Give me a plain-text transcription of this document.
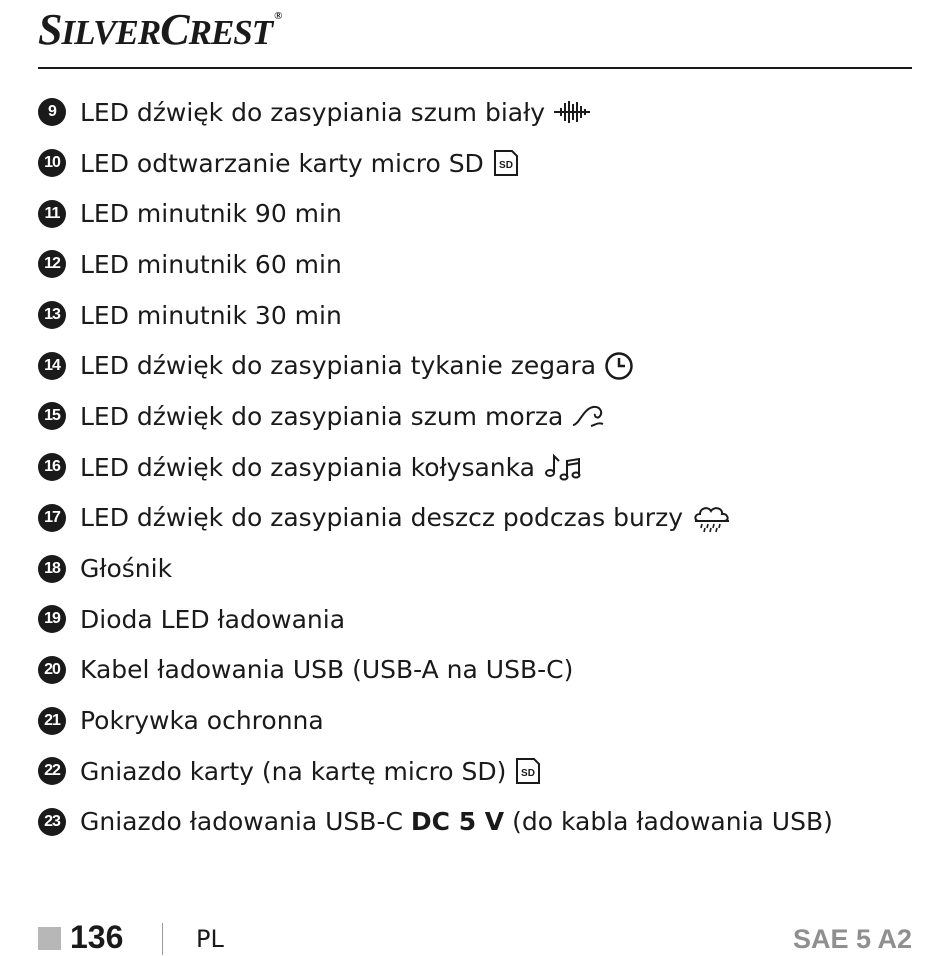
SILVERCREST ®
9 LED dźwięk do zasypiania szum biały
10 LED odtwarzanie karty micro SD SD
11 LED minutnik 90 min
12 LED minutnik 60 min
13 LED minutnik 30 min
14 LED dźwięk do zasypiania tykanie zegara
15 LED dźwięk do zasypiania szum morza
16 LED dźwięk do zasypiania kołysanka
17 LED dźwięk do zasypiania deszcz podczas burzy
18 Głośnik
19 Dioda LED ładowania
20 Kabel ładowania USB (USB-A na USB-C)
21 Pokrywka ochronna
22 Gniazdo karty (na kartę micro SD) SD
23 Gniazdo ładowania USB-C DC 5 V (do kabla ładowania USB)
136	PL	SAE 5 A2
